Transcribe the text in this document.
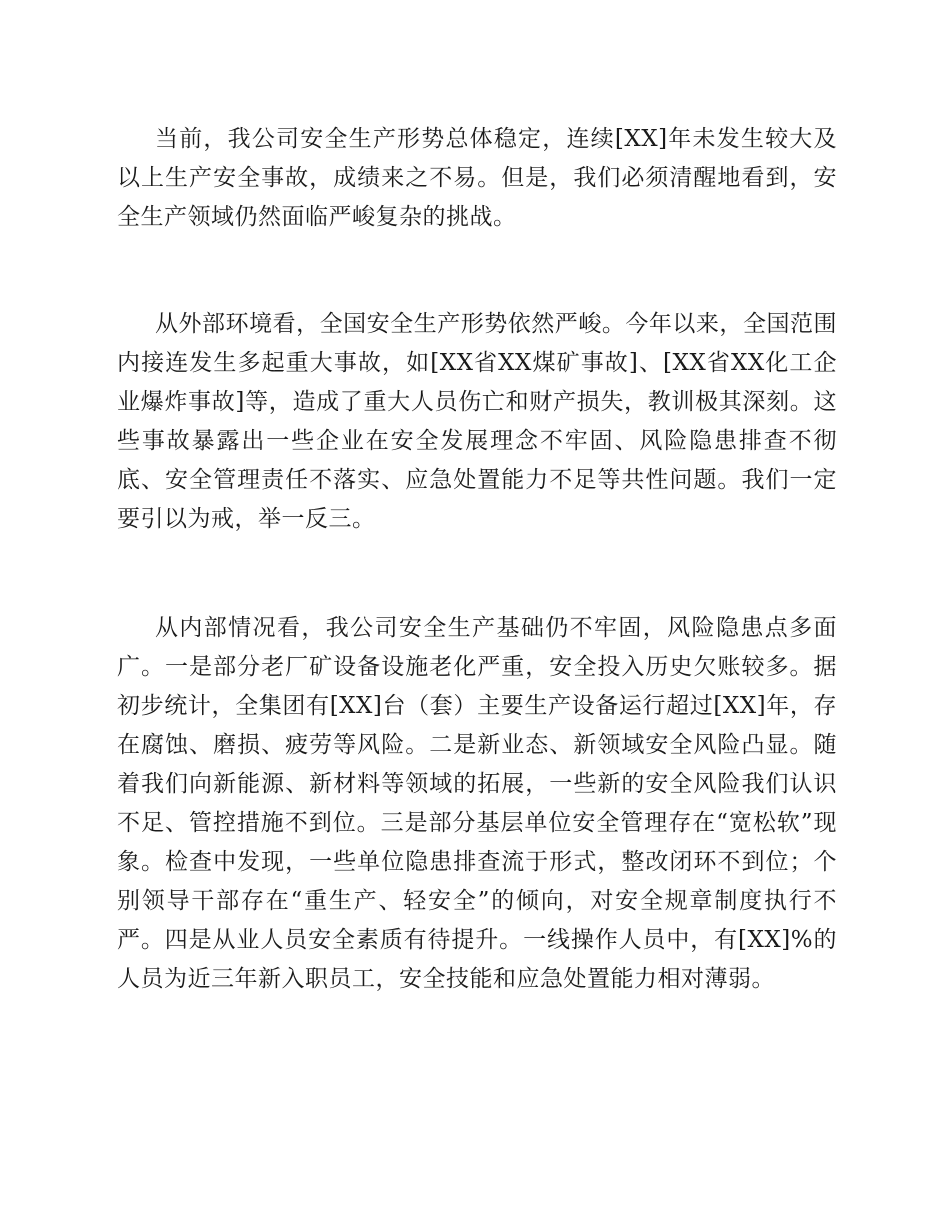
当前，我公司安全生产形势总体稳定，连续[XX]年未发生较大及以上生产安全事故，成绩来之不易。但是，我们必须清醒地看到，安全生产领域仍然面临严峻复杂的挑战。

从外部环境看，全国安全生产形势依然严峻。今年以来，全国范围内接连发生多起重大事故，如[XX省XX煤矿事故]、[XX省XX化工企业爆炸事故]等，造成了重大人员伤亡和财产损失，教训极其深刻。这些事故暴露出一些企业在安全发展理念不牢固、风险隐患排查不彻底、安全管理责任不落实、应急处置能力不足等共性问题。我们一定要引以为戒，举一反三。

从内部情况看，我公司安全生产基础仍不牢固，风险隐患点多面广。一是部分老厂矿设备设施老化严重，安全投入历史欠账较多。据初步统计，全集团有[XX]台（套）主要生产设备运行超过[XX]年，存在腐蚀、磨损、疲劳等风险。二是新业态、新领域安全风险凸显。随着我们向新能源、新材料等领域的拓展，一些新的安全风险我们认识不足、管控措施不到位。三是部分基层单位安全管理存在“宽松软”现象。检查中发现，一些单位隐患排查流于形式，整改闭环不到位；个别领导干部存在“重生产、轻安全”的倾向，对安全规章制度执行不严。四是从业人员安全素质有待提升。一线操作人员中，有[XX]%的人员为近三年新入职员工，安全技能和应急处置能力相对薄弱。
